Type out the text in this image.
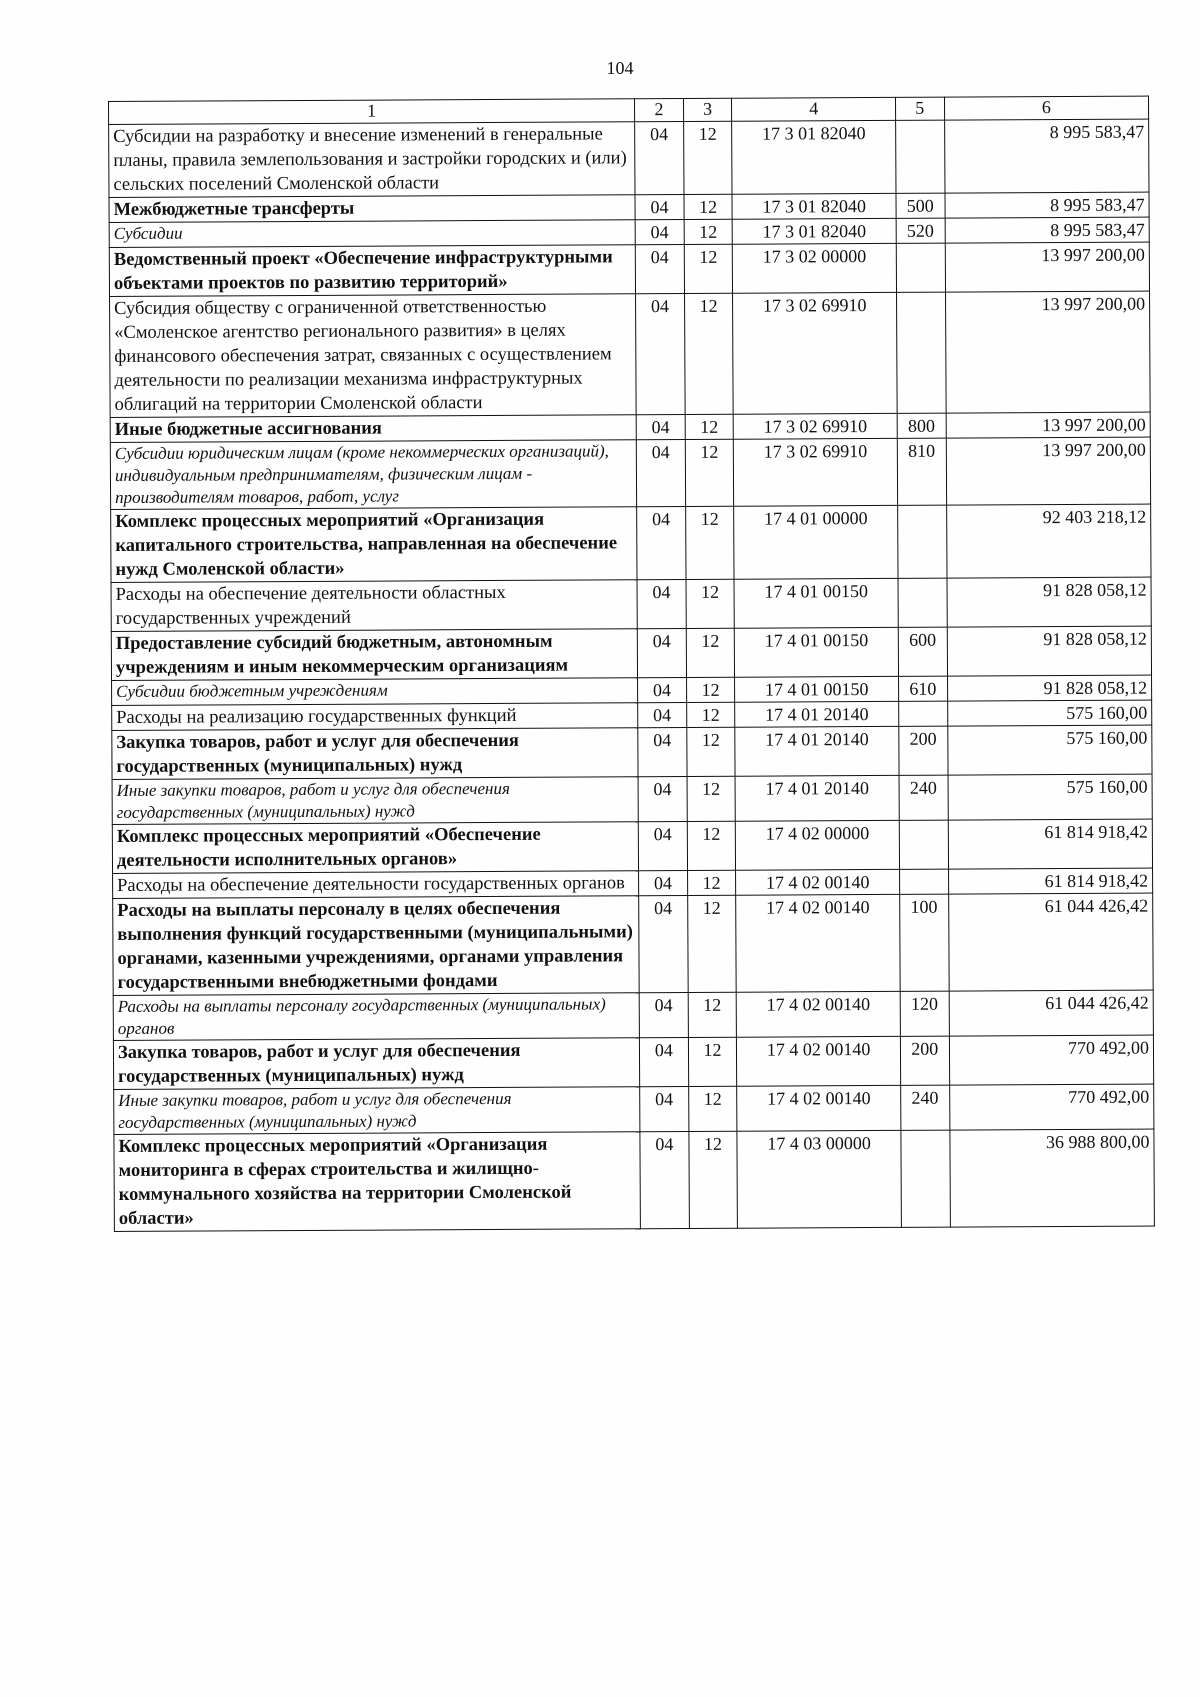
104
1	2	3	4	5	6
Субсидии на разработку и внесение изменений в генеральные планы, правила землепользования и застройки городских и (или) сельских поселений Смоленской области	04	12	17 3 01 82040		8 995 583,47
Межбюджетные трансферты	04	12	17 3 01 82040	500	8 995 583,47
Субсидии	04	12	17 3 01 82040	520	8 995 583,47
Ведомственный проект «Обеспечение инфраструктурными объектами проектов по развитию территорий»	04	12	17 3 02 00000		13 997 200,00
Субсидия обществу с ограниченной ответственностью «Смоленское агентство регионального развития» в целях финансового обеспечения затрат, связанных с осуществлением деятельности по реализации механизма инфраструктурных облигаций на территории Смоленской области	04	12	17 3 02 69910		13 997 200,00
Иные бюджетные ассигнования	04	12	17 3 02 69910	800	13 997 200,00
Субсидии юридическим лицам (кроме некоммерческих организаций), индивидуальным предпринимателям, физическим лицам - производителям товаров, работ, услуг	04	12	17 3 02 69910	810	13 997 200,00
Комплекс процессных мероприятий «Организация капитального строительства, направленная на обеспечение нужд Смоленской области»	04	12	17 4 01 00000		92 403 218,12
Расходы на обеспечение деятельности областных государственных учреждений	04	12	17 4 01 00150		91 828 058,12
Предоставление субсидий бюджетным, автономным учреждениям и иным некоммерческим организациям	04	12	17 4 01 00150	600	91 828 058,12
Субсидии бюджетным учреждениям	04	12	17 4 01 00150	610	91 828 058,12
Расходы на реализацию государственных функций	04	12	17 4 01 20140		575 160,00
Закупка товаров, работ и услуг для обеспечения государственных (муниципальных) нужд	04	12	17 4 01 20140	200	575 160,00
Иные закупки товаров, работ и услуг для обеспечения государственных (муниципальных) нужд	04	12	17 4 01 20140	240	575 160,00
Комплекс процессных мероприятий «Обеспечение деятельности исполнительных органов»	04	12	17 4 02 00000		61 814 918,42
Расходы на обеспечение деятельности государственных органов	04	12	17 4 02 00140		61 814 918,42
Расходы на выплаты персоналу в целях обеспечения выполнения функций государственными (муниципальными) органами, казенными учреждениями, органами управления государственными внебюджетными фондами	04	12	17 4 02 00140	100	61 044 426,42
Расходы на выплаты персоналу государственных (муниципальных) органов	04	12	17 4 02 00140	120	61 044 426,42
Закупка товаров, работ и услуг для обеспечения государственных (муниципальных) нужд	04	12	17 4 02 00140	200	770 492,00
Иные закупки товаров, работ и услуг для обеспечения государственных (муниципальных) нужд	04	12	17 4 02 00140	240	770 492,00
Комплекс процессных мероприятий «Организация мониторинга в сферах строительства и жилищно-коммунального хозяйства на территории Смоленской области»	04	12	17 4 03 00000		36 988 800,00
